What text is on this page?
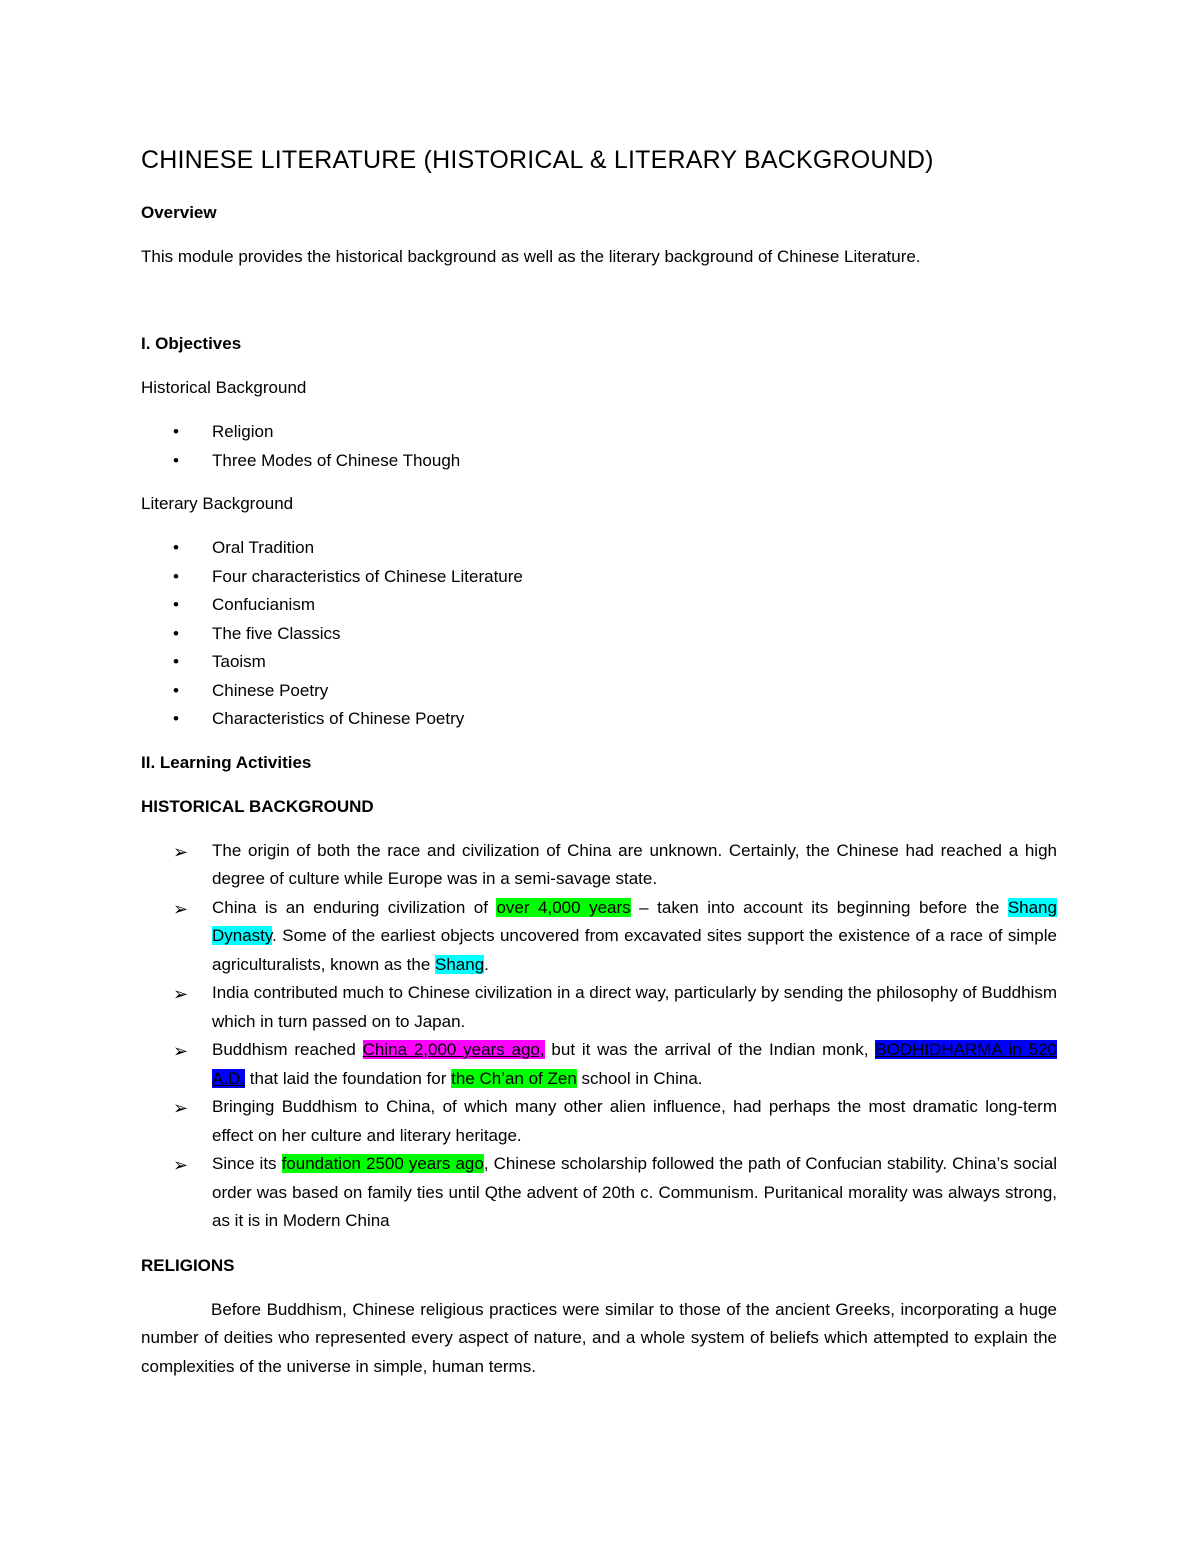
CHINESE LITERATURE (HISTORICAL & LITERARY BACKGROUND)

Overview

This module provides the historical background as well as the literary background of Chinese Literature.

I. Objectives

Historical Background

• Religion
• Three Modes of Chinese Though

Literary Background

• Oral Tradition
• Four characteristics of Chinese Literature
• Confucianism
• The five Classics
• Taoism
• Chinese Poetry
• Characteristics of Chinese Poetry

II. Learning Activities

HISTORICAL BACKGROUND

➢ The origin of both the race and civilization of China are unknown. Certainly, the Chinese had reached a high degree of culture while Europe was in a semi-savage state.
➢ China is an enduring civilization of over 4,000 years – taken into account its beginning before the Shang Dynasty. Some of the earliest objects uncovered from excavated sites support the existence of a race of simple agriculturalists, known as the Shang.
➢ India contributed much to Chinese civilization in a direct way, particularly by sending the philosophy of Buddhism which in turn passed on to Japan.
➢ Buddhism reached China 2,000 years ago, but it was the arrival of the Indian monk, BODHIDHARMA in 520 A.D. that laid the foundation for the Ch’an of Zen school in China.
➢ Bringing Buddhism to China, of which many other alien influence, had perhaps the most dramatic long-term effect on her culture and literary heritage.
➢ Since its foundation 2500 years ago, Chinese scholarship followed the path of Confucian stability. China’s social order was based on family ties until Qthe advent of 20th c. Communism. Puritanical morality was always strong, as it is in Modern China

RELIGIONS

Before Buddhism, Chinese religious practices were similar to those of the ancient Greeks, incorporating a huge number of deities who represented every aspect of nature, and a whole system of beliefs which attempted to explain the complexities of the universe in simple, human terms.
